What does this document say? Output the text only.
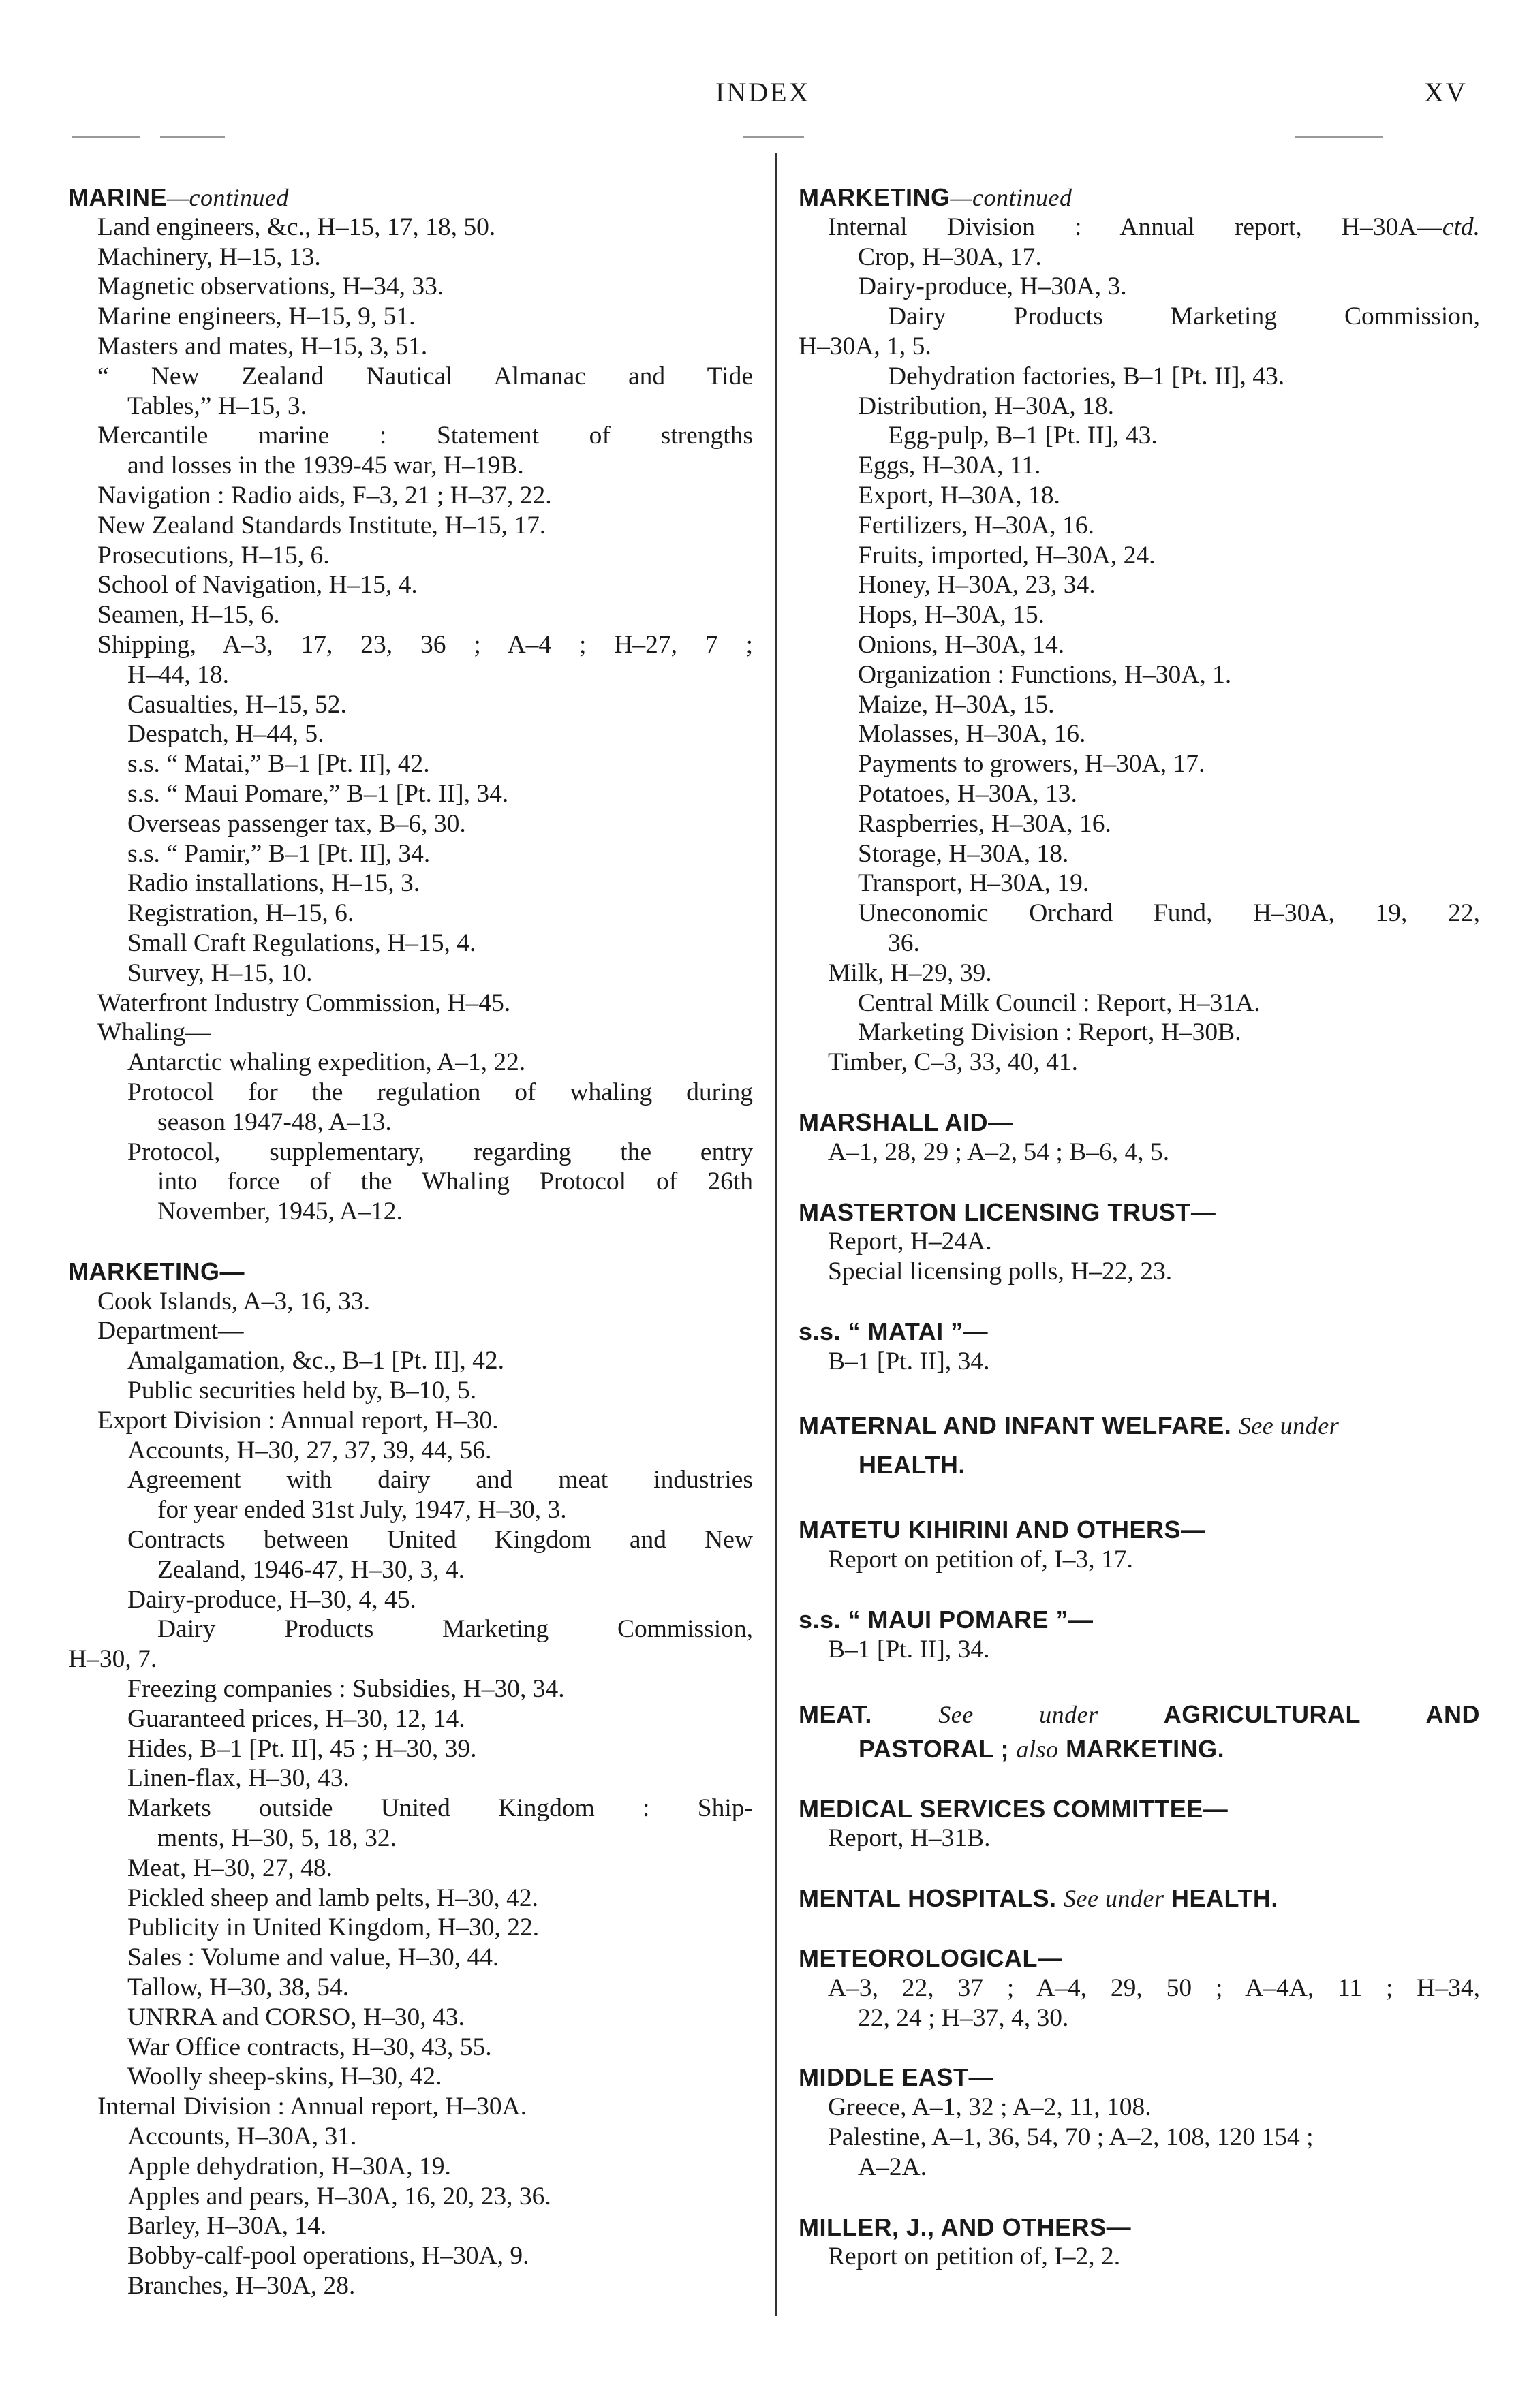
INDEX	XV
MARINE—continued
Land engineers, &c., H–15, 17, 18, 50.
Machinery, H–15, 13.
Magnetic observations, H–34, 33.
Marine engineers, H–15, 9, 51.
Masters and mates, H–15, 3, 51.
“ New Zealand Nautical Almanac and Tide
Tables,” H–15, 3.
Mercantile marine : Statement of strengths
and losses in the 1939-45 war, H–19B.
Navigation : Radio aids, F–3, 21 ; H–37, 22.
New Zealand Standards Institute, H–15, 17.
Prosecutions, H–15, 6.
School of Navigation, H–15, 4.
Seamen, H–15, 6.
Shipping, A–3, 17, 23, 36 ; A–4 ; H–27, 7 ;
H–44, 18.
Casualties, H–15, 52.
Despatch, H–44, 5.
s.s. “ Matai,” B–1 [Pt. II], 42.
s.s. “ Maui Pomare,” B–1 [Pt. II], 34.
Overseas passenger tax, B–6, 30.
s.s. “ Pamir,” B–1 [Pt. II], 34.
Radio installations, H–15, 3.
Registration, H–15, 6.
Small Craft Regulations, H–15, 4.
Survey, H–15, 10.
Waterfront Industry Commission, H–45.
Whaling—
Antarctic whaling expedition, A–1, 22.
Protocol for the regulation of whaling during
season 1947-48, A–13.
Protocol, supplementary, regarding the entry
into force of the Whaling Protocol of 26th
November, 1945, A–12.
MARKETING—
Cook Islands, A–3, 16, 33.
Department—
Amalgamation, &c., B–1 [Pt. II], 42.
Public securities held by, B–10, 5.
Export Division : Annual report, H–30.
Accounts, H–30, 27, 37, 39, 44, 56.
Agreement with dairy and meat industries
for year ended 31st July, 1947, H–30, 3.
Contracts between United Kingdom and New
Zealand, 1946-47, H–30, 3, 4.
Dairy-produce, H–30, 4, 45.
Dairy Products Marketing Commission,
H–30, 7.
Freezing companies : Subsidies, H–30, 34.
Guaranteed prices, H–30, 12, 14.
Hides, B–1 [Pt. II], 45 ; H–30, 39.
Linen-flax, H–30, 43.
Markets outside United Kingdom : Ship-
ments, H–30, 5, 18, 32.
Meat, H–30, 27, 48.
Pickled sheep and lamb pelts, H–30, 42.
Publicity in United Kingdom, H–30, 22.
Sales : Volume and value, H–30, 44.
Tallow, H–30, 38, 54.
UNRRA and CORSO, H–30, 43.
War Office contracts, H–30, 43, 55.
Woolly sheep-skins, H–30, 42.
Internal Division : Annual report, H–30A.
Accounts, H–30A, 31.
Apple dehydration, H–30A, 19.
Apples and pears, H–30A, 16, 20, 23, 36.
Barley, H–30A, 14.
Bobby-calf-pool operations, H–30A, 9.
Branches, H–30A, 28.
MARKETING—continued
Internal Division : Annual report, H–30A—ctd.
Crop, H–30A, 17.
Dairy-produce, H–30A, 3.
Dairy Products Marketing Commission,
H–30A, 1, 5.
Dehydration factories, B–1 [Pt. II], 43.
Distribution, H–30A, 18.
Egg-pulp, B–1 [Pt. II], 43.
Eggs, H–30A, 11.
Export, H–30A, 18.
Fertilizers, H–30A, 16.
Fruits, imported, H–30A, 24.
Honey, H–30A, 23, 34.
Hops, H–30A, 15.
Onions, H–30A, 14.
Organization : Functions, H–30A, 1.
Maize, H–30A, 15.
Molasses, H–30A, 16.
Payments to growers, H–30A, 17.
Potatoes, H–30A, 13.
Raspberries, H–30A, 16.
Storage, H–30A, 18.
Transport, H–30A, 19.
Uneconomic Orchard Fund, H–30A, 19, 22,
36.
Milk, H–29, 39.
Central Milk Council : Report, H–31A.
Marketing Division : Report, H–30B.
Timber, C–3, 33, 40, 41.
MARSHALL AID—
A–1, 28, 29 ; A–2, 54 ; B–6, 4, 5.
MASTERTON LICENSING TRUST—
Report, H–24A.
Special licensing polls, H–22, 23.
s.s. “ MATAI ”—
B–1 [Pt. II], 34.
MATERNAL AND INFANT WELFARE. See under
HEALTH.
MATETU KIHIRINI AND OTHERS—
Report on petition of, I–3, 17.
s.s. “ MAUI POMARE ”—
B–1 [Pt. II], 34.
MEAT.	See under	AGRICULTURAL AND
PASTORAL ; also MARKETING.
MEDICAL SERVICES COMMITTEE—
Report, H–31B.
MENTAL HOSPITALS. See under HEALTH.
METEOROLOGICAL—
A–3, 22, 37 ; A–4, 29, 50 ; A–4A, 11 ; H–34,
22, 24 ; H–37, 4, 30.
MIDDLE EAST—
Greece, A–1, 32 ; A–2, 11, 108.
Palestine, A–1, 36, 54, 70 ; A–2, 108, 120 154 ;
A–2A.
MILLER, J., AND OTHERS—
Report on petition of, I–2, 2.
